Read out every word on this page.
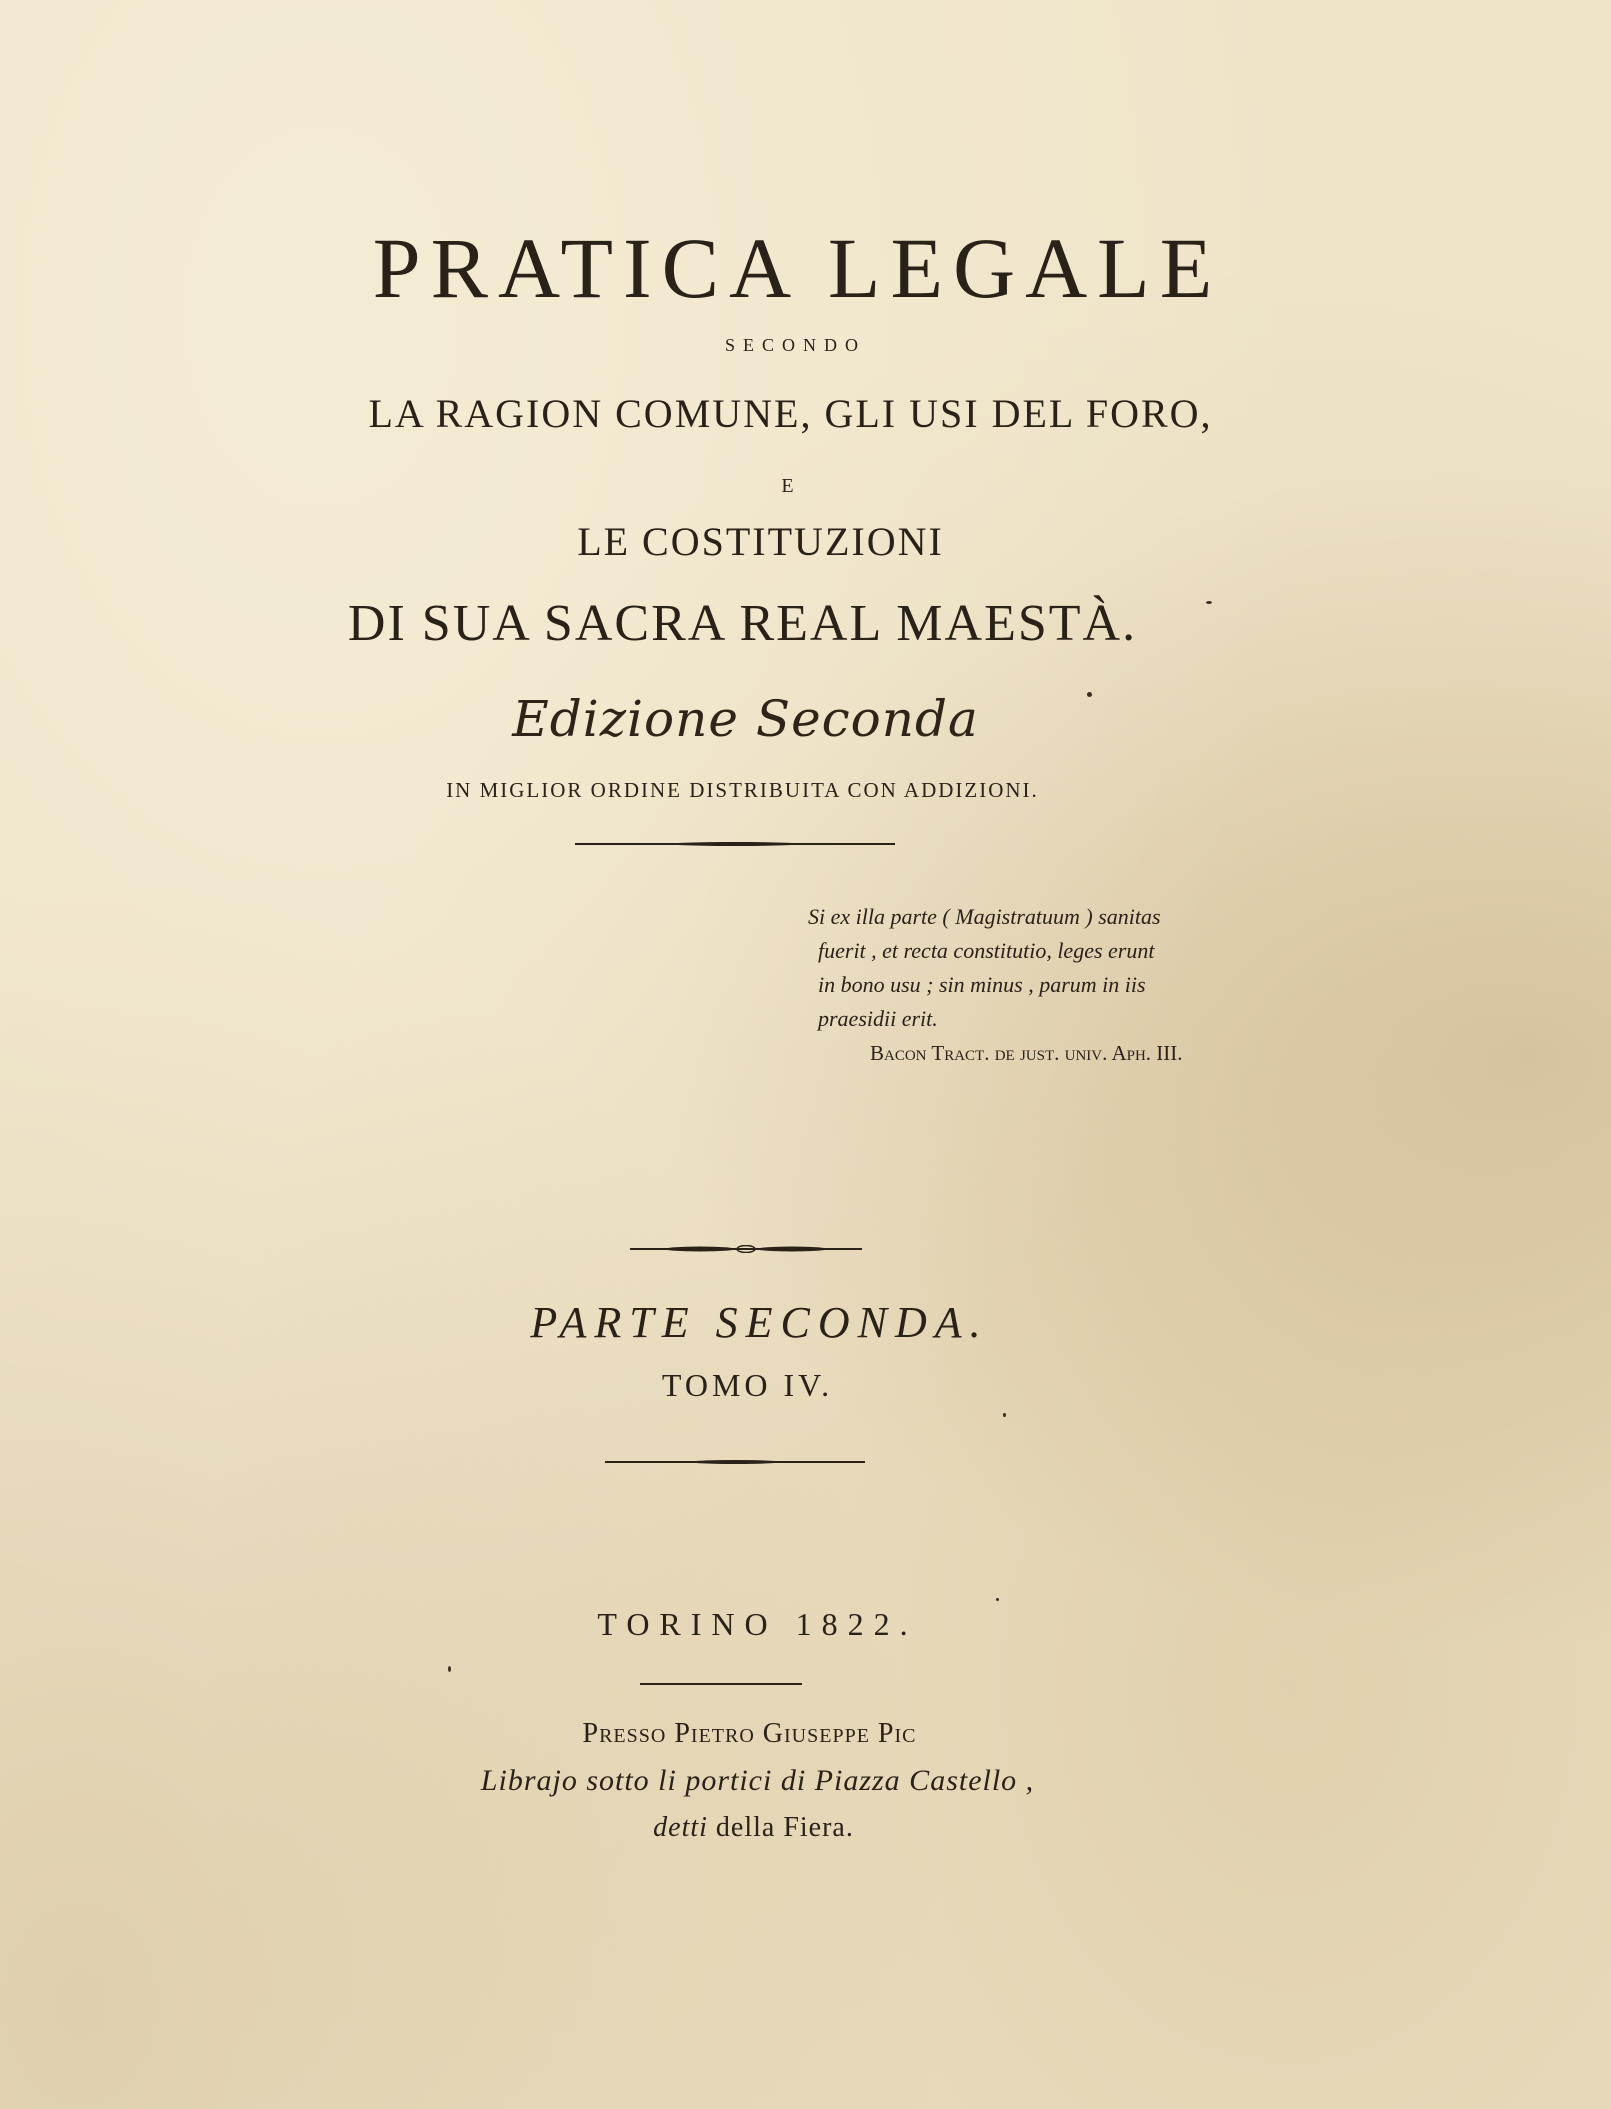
PRATICA LEGALE
SECONDO
LA RAGION COMUNE, GLI USI DEL FORO,
E
LE COSTITUZIONI
DI SUA SACRA REAL MAESTÀ.
Edizione Seconda
IN MIGLIOR ORDINE DISTRIBUITA CON ADDIZIONI.
Si ex illa parte ( Magistratuum ) sanitas
fuerit , et recta constitutio, leges erunt
in bono usu ; sin minus , parum in iis
praesidii erit.
Bacon Tract. de just. univ. Aph. III.
PARTE SECONDA.
TOMO IV.
TORINO 1822.
Presso Pietro Giuseppe Pic
Librajo sotto li portici di Piazza Castello ,
detti della Fiera.
